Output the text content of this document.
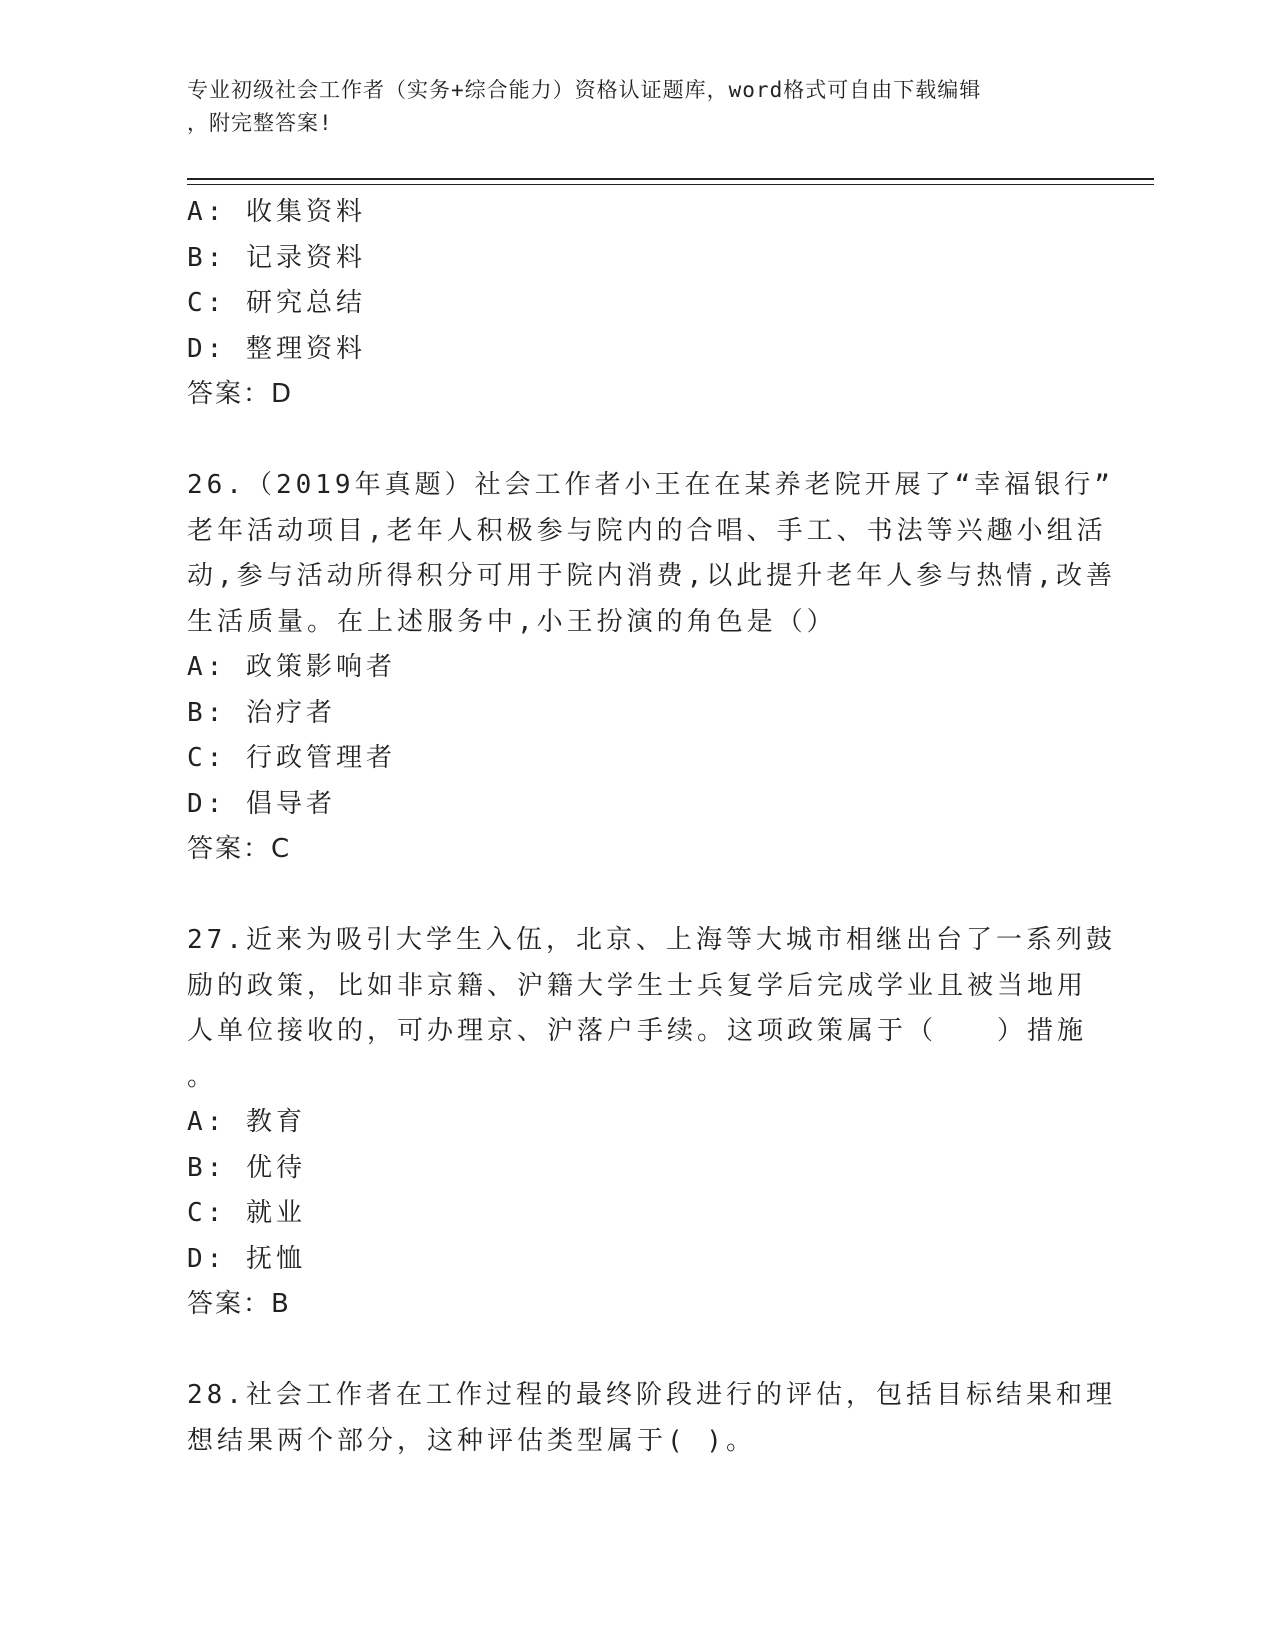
专业初级社会工作者（实务+综合能力）资格认证题库，word格式可自由下载编辑
，附完整答案!
A: 收集资料
B: 记录资料
C: 研究总结
D: 整理资料
答案：D
26.（2019年真题）社会工作者小王在在某养老院开展了“幸福银行”
老年活动项目,老年人积极参与院内的合唱、手工、书法等兴趣小组活
动,参与活动所得积分可用于院内消费,以此提升老年人参与热情,改善
生活质量。在上述服务中,小王扮演的角色是（）
A: 政策影响者
B: 治疗者
C: 行政管理者
D: 倡导者
答案：C
27.近来为吸引大学生入伍，北京、上海等大城市相继出台了一系列鼓
励的政策，比如非京籍、沪籍大学生士兵复学后完成学业且被当地用
人单位接收的，可办理京、沪落户手续。这项政策属于（　　）措施
。
A: 教育
B: 优待
C: 就业
D: 抚恤
答案：B
28.社会工作者在工作过程的最终阶段进行的评估，包括目标结果和理
想结果两个部分，这种评估类型属于( )。
